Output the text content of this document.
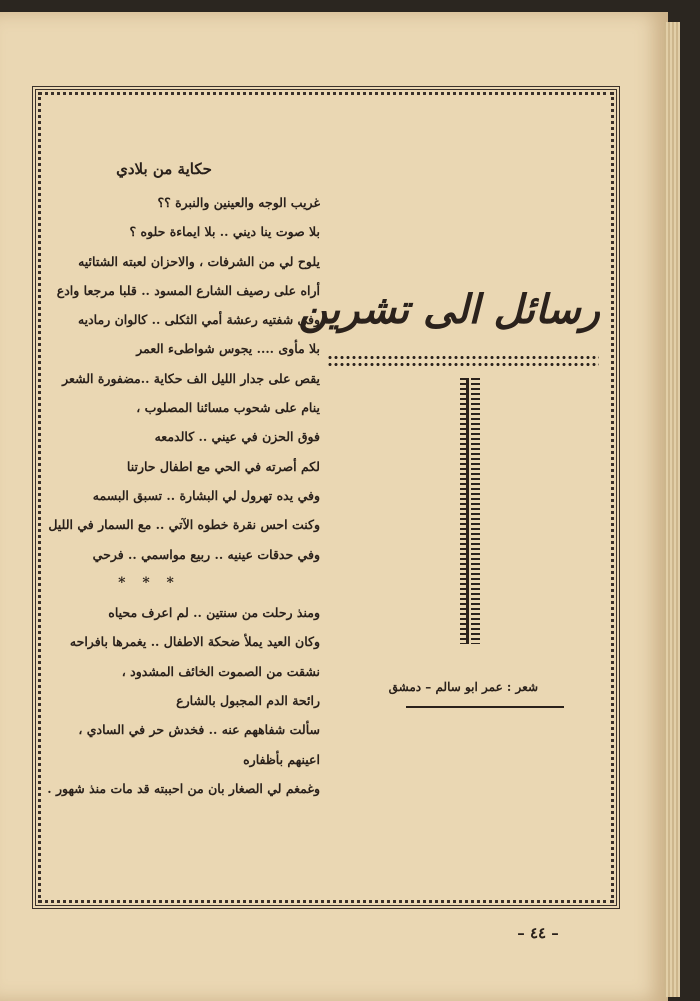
حكاية من بلادي
غريب الوجه والعينين والنبرة ؟؟
بلا صوت ينا ديني .. بلا ايماءة حلوه ؟
يلوح لي من الشرفات ، والاحزان لعبته الشتائيه
أراه على رصيف الشارع المسود .. قلبا مرجعا وادع
وفي شفتيه رعشة أمي الثكلى .. كالوان رماديه
بلا مأوى .... يجوس شواطىء العمر
يقص على جدار الليل الف حكاية ..مضفورة الشعر
ينام على شحوب مسائنا المصلوب ،
فوق الحزن في عيني .. كالدمعه
لكم أصرته في الحي مع اطفال حارتنا
وفي يده تهرول لي البشارة .. تسبق البسمه
وكنت احس نقرة خطوه الآتي .. مع السمار في الليل
وفي حدقات عينيه .. ربيع مواسمي .. فرحي
* * *
ومنذ رحلت من سنتين .. لم اعرف محياه
وكان العيد يملأ ضحكة الاطفال .. يغمرها بافراحه
نشقت من الصموت الخائف المشدود ،
رائحة الدم المجبول بالشارع
سألت شفاههم عنه .. فخدش حر في السادي ،
اعينهم بأظفاره
وغمغم لي الصغار بان من احببته قد مات منذ شهور .
رسائل الى تشرين
شعر : عمر ابو سالم – دمشق
– ٤٤ –
